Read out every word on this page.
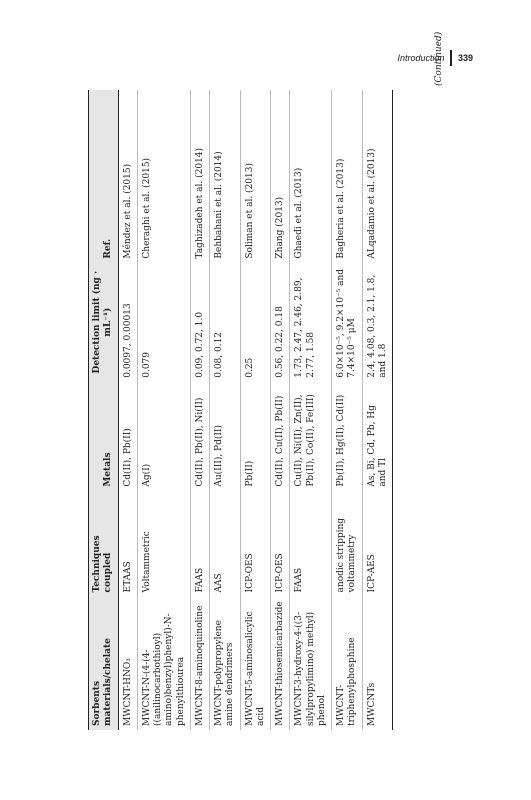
Introduction 339
(Continued)
Sorbents materials/chelate	Techniques coupled	Metals	Detection limit (ng · mL⁻¹)	Ref.
MWCNT-HNO₃	ETAAS	Cd(II), Pb(II)	0.0097, 0.00013	Méndez et al. (2015)
MWCNT-N-(4-(4-((anilinocarbothioyl) amino)benzyl)phenyl)-N-phenylthiourea	Voltammetric	Ag(I)	0.079	Cheraghi et al. (2015)
MWCNT-8-aminoquinoline	FAAS	Cd(II), Pb(II), Ni(II)	0.09, 0.72, 1.0	Taghizadeh et al. (2014)
MWCNT-polypropylene amine dendrimers	AAS	Au(III), Pd(II)	0.08, 0.12	Behbahani et al. (2014)
MWCNT-5-aminosalicylic acid	ICP-OES	Pb(II)	0.25	Soliman et al. (2013)
MWCNT-thiosemicarbazide	ICP-OES	Cd(II), Cu(II), Pb(II)	0.56, 0.22, 0.18	Zhang (2013)
MWCNT-3-hydroxy-4-((3-silylpropylimino) methyl) phenol	FAAS	Cu(II), Ni(II), Zn(II), Pb(II), Co(II), Fe(III)	1.73, 2.47, 2.46, 2.89, 2.77, 1.58	Ghaedi et al. (2013)
MWCNT-triphenylphosphine	anodic stripping voltammetry	Pb(II), Hg(II), Cd(II)	6.0×10⁻⁵, 9.2×10⁻⁵ and 7.4×10⁻⁵ μM	Bagheria et al. (2013)
MWCNTs	ICP-AES	As, Bi, Cd, Pb, Hg and Tl	2.4, 4.08, 0.3, 2.1, 1.8, and 1.8	ALqadamio et al. (2013)
